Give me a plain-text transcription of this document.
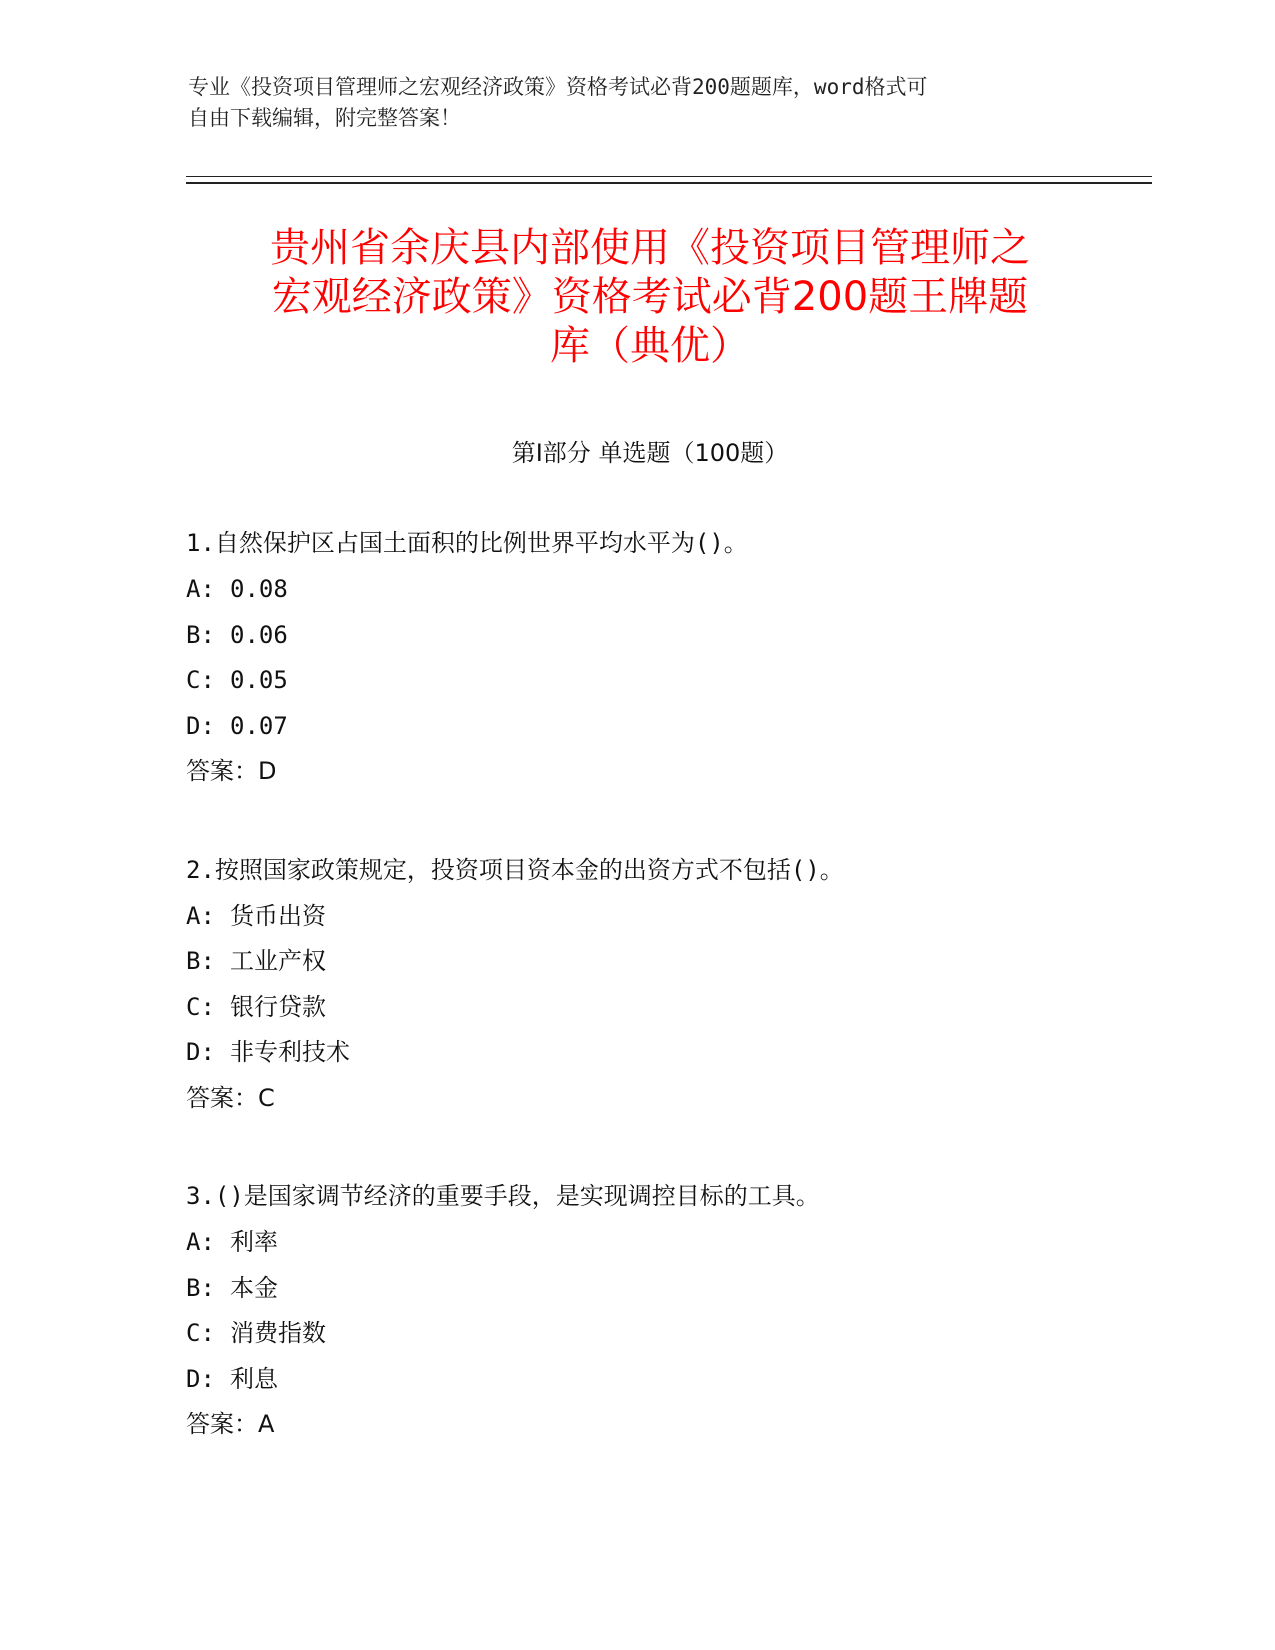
专业《投资项目管理师之宏观经济政策》资格考试必背200题题库，word格式可
自由下载编辑，附完整答案！
贵州省余庆县内部使用《投资项目管理师之
宏观经济政策》资格考试必背200题王牌题
库（典优）
第Ⅰ部分 单选题（100题）
1.自然保护区占国土面积的比例世界平均水平为()。
A: 0.08
B: 0.06
C: 0.05
D: 0.07
答案：D
2.按照国家政策规定，投资项目资本金的出资方式不包括()。
A: 货币出资
B: 工业产权
C: 银行贷款
D: 非专利技术
答案：C
3.()是国家调节经济的重要手段，是实现调控目标的工具。
A: 利率
B: 本金
C: 消费指数
D: 利息
答案：A
